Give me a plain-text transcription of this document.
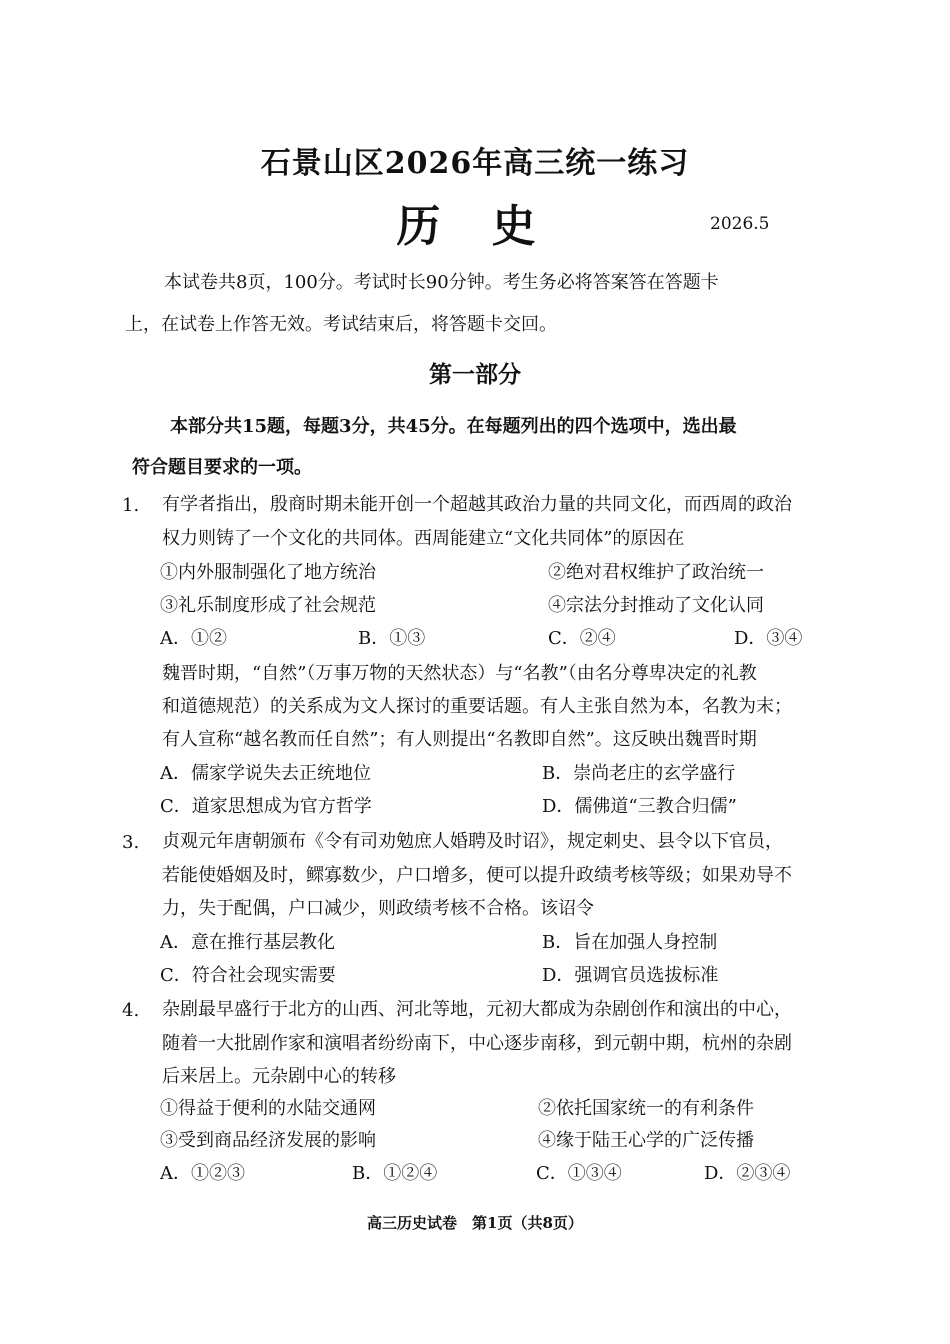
石景山区2026年高三统一练习
历 史	2026.5
本试卷共8页，100分。考试时长90分钟。考生务必将答案答在答题卡
上，在试卷上作答无效。考试结束后，将答题卡交回。
第一部分
本部分共15题，每题3分，共45分。在每题列出的四个选项中，选出最
符合题目要求的一项。
1. 有学者指出，殷商时期未能开创一个超越其政治力量的共同文化，而西周的政治
权力则铸了一个文化的共同体。西周能建立“文化共同体”的原因在
①内外服制强化了地方统治	②绝对君权维护了政治统一
③礼乐制度形成了社会规范	④宗法分封推动了文化认同
A．①②	B．①③	C．②④	D．③④
魏晋时期，“自然”（万事万物的天然状态）与“名教”（由名分尊卑决定的礼教
和道德规范）的关系成为文人探讨的重要话题。有人主张自然为本，名教为末；
有人宣称“越名教而任自然”；有人则提出“名教即自然”。这反映出魏晋时期
A．儒家学说失去正统地位	B．崇尚老庄的玄学盛行
C．道家思想成为官方哲学	D．儒佛道“三教合归儒”
3. 贞观元年唐朝颁布《令有司劝勉庶人婚聘及时诏》，规定刺史、县令以下官员，
若能使婚姻及时，鳏寡数少，户口增多，便可以提升政绩考核等级；如果劝导不
力，失于配偶，户口减少，则政绩考核不合格。该诏令
A．意在推行基层教化	B．旨在加强人身控制
C．符合社会现实需要	D．强调官员选拔标准
4. 杂剧最早盛行于北方的山西、河北等地，元初大都成为杂剧创作和演出的中心，
随着一大批剧作家和演唱者纷纷南下，中心逐步南移，到元朝中期，杭州的杂剧
后来居上。元杂剧中心的转移
①得益于便利的水陆交通网	②依托国家统一的有利条件
③受到商品经济发展的影响	④缘于陆王心学的广泛传播
A．①②③	B．①②④	C．①③④	D．②③④
高三历史试卷　第1页（共8页）
